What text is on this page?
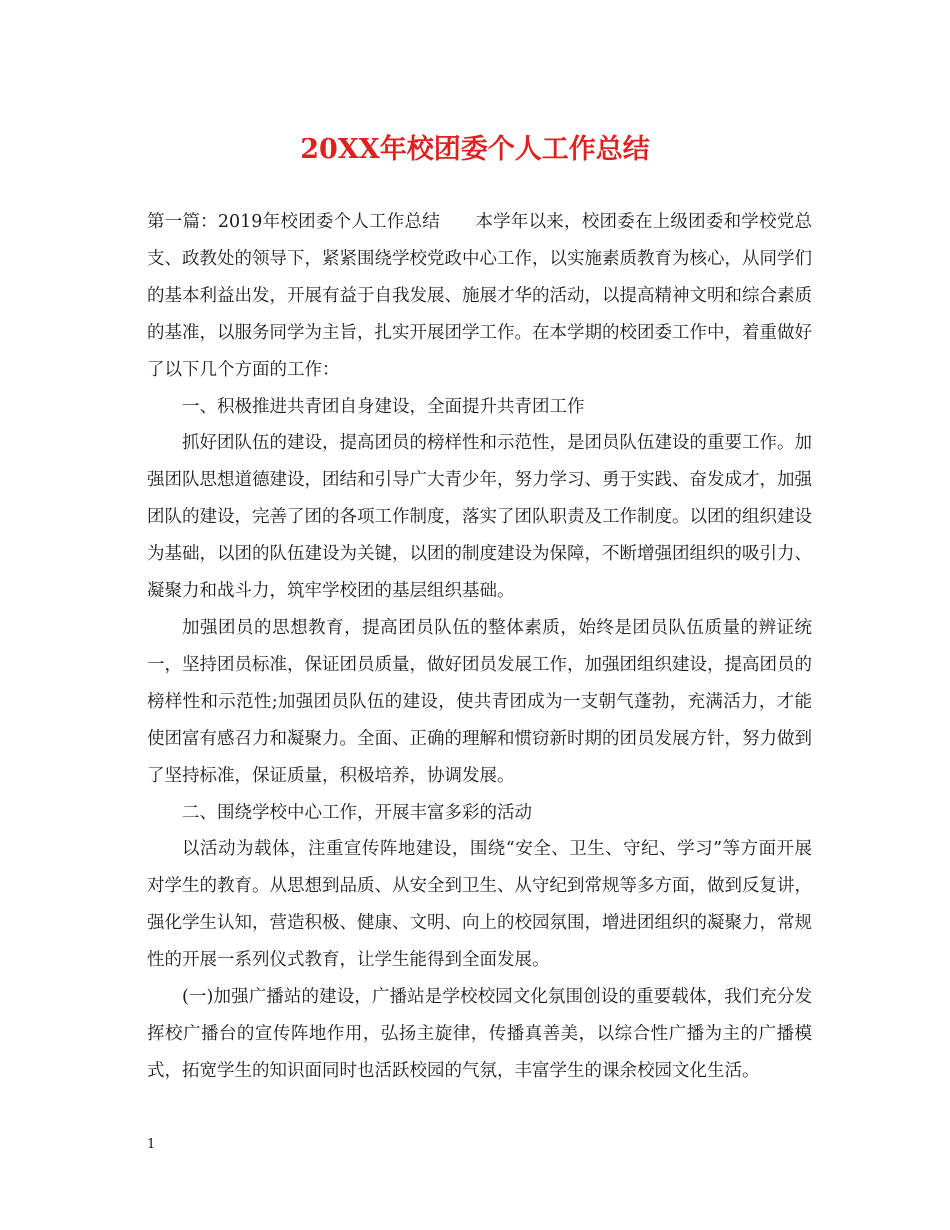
20XX年校团委个人工作总结

第一篇：2019年校团委个人工作总结　　本学年以来，校团委在上级团委和学校党总支、政教处的领导下，紧紧围绕学校党政中心工作，以实施素质教育为核心，从同学们的基本利益出发，开展有益于自我发展、施展才华的活动，以提高精神文明和综合素质的基准，以服务同学为主旨，扎实开展团学工作。在本学期的校团委工作中，着重做好了以下几个方面的工作：

一、积极推进共青团自身建设，全面提升共青团工作

抓好团队伍的建设，提高团员的榜样性和示范性，是团员队伍建设的重要工作。加强团队思想道德建设，团结和引导广大青少年，努力学习、勇于实践、奋发成才，加强团队的建设，完善了团的各项工作制度，落实了团队职责及工作制度。以团的组织建设为基础，以团的队伍建设为关键，以团的制度建设为保障，不断增强团组织的吸引力、凝聚力和战斗力，筑牢学校团的基层组织基础。

加强团员的思想教育，提高团员队伍的整体素质，始终是团员队伍质量的辨证统一，坚持团员标准，保证团员质量，做好团员发展工作，加强团组织建设，提高团员的榜样性和示范性;加强团员队伍的建设，使共青团成为一支朝气蓬勃，充满活力，才能使团富有感召力和凝聚力。全面、正确的理解和惯窃新时期的团员发展方针，努力做到了坚持标准，保证质量，积极培养，协调发展。

二、围绕学校中心工作，开展丰富多彩的活动

以活动为载体，注重宣传阵地建设，围绕“安全、卫生、守纪、学习”等方面开展对学生的教育。从思想到品质、从安全到卫生、从守纪到常规等多方面，做到反复讲，强化学生认知，营造积极、健康、文明、向上的校园氛围，增进团组织的凝聚力，常规性的开展一系列仪式教育，让学生能得到全面发展。

(一)加强广播站的建设，广播站是学校校园文化氛围创设的重要载体，我们充分发挥校广播台的宣传阵地作用，弘扬主旋律，传播真善美，以综合性广播为主的广播模式，拓宽学生的知识面同时也活跃校园的气氛，丰富学生的课余校园文化生活。

1
